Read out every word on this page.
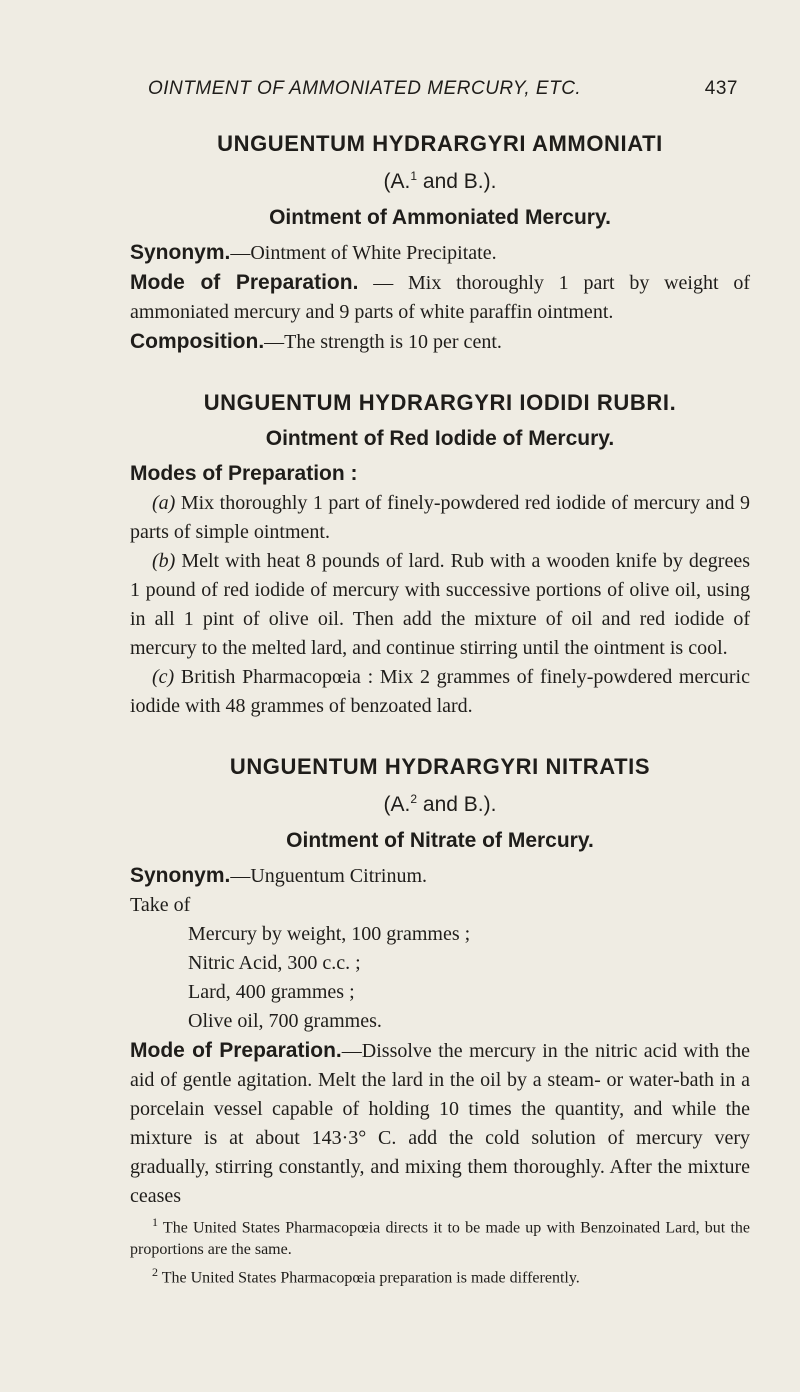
OINTMENT OF AMMONIATED MERCURY, ETC.	437
UNGUENTUM HYDRARGYRI AMMONIATI
(A.$^1$ and B.).
Ointment of Ammoniated Mercury.

Synonym.—Ointment of White Precipitate.

Mode of Preparation. — Mix thoroughly 1 part by weight of ammoniated mercury and 9 parts of white paraffin ointment.

Composition.—The strength is 10 per cent.

UNGUENTUM HYDRARGYRI IODIDI RUBRI.
Ointment of Red Iodide of Mercury.

Modes of Preparation :

(a) Mix thoroughly 1 part of finely-powdered red iodide of mercury and 9 parts of simple ointment.

(b) Melt with heat 8 pounds of lard. Rub with a wooden knife by degrees 1 pound of red iodide of mercury with successive portions of olive oil, using in all 1 pint of olive oil. Then add the mixture of oil and red iodide of mercury to the melted lard, and continue stirring until the ointment is cool.

(c) British Pharmacopœia : Mix 2 grammes of finely-powdered mercuric iodide with 48 grammes of benzoated lard.

UNGUENTUM HYDRARGYRI NITRATIS
(A.$^2$ and B.).
Ointment of Nitrate of Mercury.

Synonym.—Unguentum Citrinum.

Take of

Mercury by weight, 100 grammes ;

Nitric Acid, 300 c.c. ;

Lard, 400 grammes ;

Olive oil, 700 grammes.

Mode of Preparation.—Dissolve the mercury in the nitric acid with the aid of gentle agitation. Melt the lard in the oil by a steam- or water-bath in a porcelain vessel capable of holding 10 times the quantity, and while the mixture is at about 143·3° C. add the cold solution of mercury very gradually, stirring constantly, and mixing them thoroughly. After the mixture ceases

$^1$ The United States Pharmacopœia directs it to be made up with Benzoinated Lard, but the proportions are the same.

$^2$ The United States Pharmacopœia preparation is made differently.
